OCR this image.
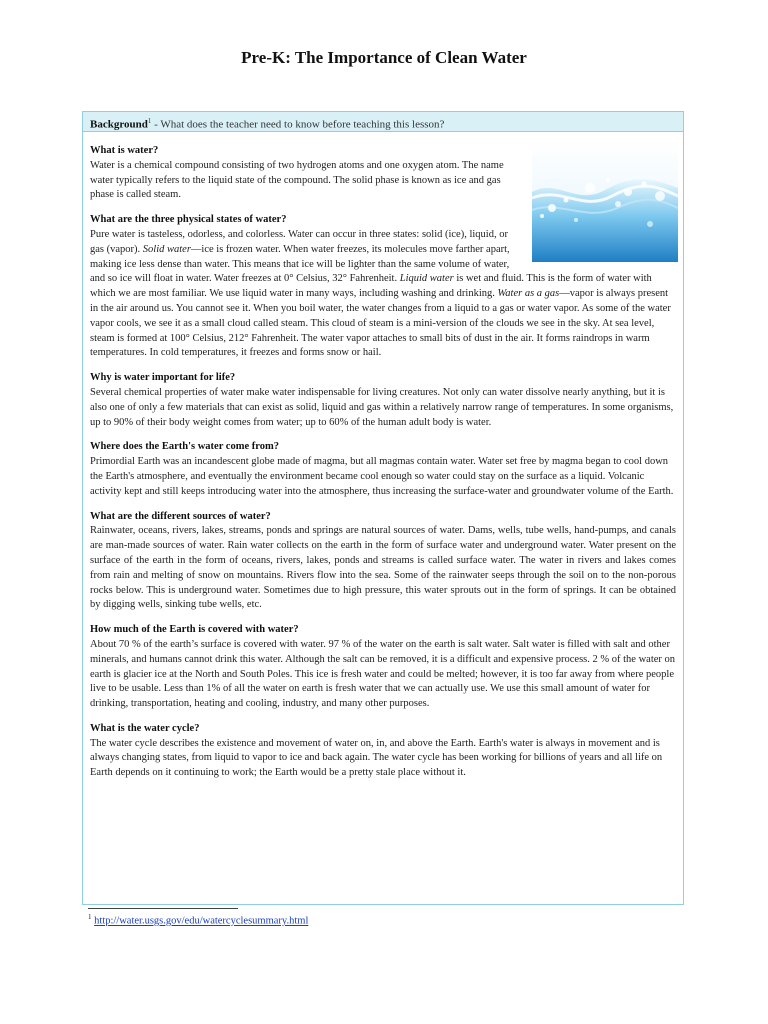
Pre-K: The Importance of Clean Water
Background$^1$ - What does the teacher need to know before teaching this lesson?
What is water?

Water is a chemical compound consisting of two hydrogen atoms and one oxygen atom. The name water typically refers to the liquid state of the compound. The solid phase is known as ice and gas phase is called steam.

What are the three physical states of water?

Pure water is tasteless, odorless, and colorless. Water can occur in three states: solid (ice), liquid, or gas (vapor). Solid water—ice is frozen water. When water freezes, its molecules move farther apart, making ice less dense than water. This means that ice will be lighter than the same volume of water, and so ice will float in water. Water freezes at 0° Celsius, 32° Fahrenheit. Liquid water is wet and fluid. This is the form of water with which we are most familiar. We use liquid water in many ways, including washing and drinking. Water as a gas—vapor is always present in the air around us. You cannot see it. When you boil water, the water changes from a liquid to a gas or water vapor. As some of the water vapor cools, we see it as a small cloud called steam. This cloud of steam is a mini-version of the clouds we see in the sky. At sea level, steam is formed at 100° Celsius, 212° Fahrenheit. The water vapor attaches to small bits of dust in the air. It forms raindrops in warm temperatures. In cold temperatures, it freezes and forms snow or hail.

Why is water important for life?

Several chemical properties of water make water indispensable for living creatures. Not only can water dissolve nearly anything, but it is also one of only a few materials that can exist as solid, liquid and gas within a relatively narrow range of temperatures. In some organisms, up to 90% of their body weight comes from water; up to 60% of the human adult body is water.

Where does the Earth's water come from?

Primordial Earth was an incandescent globe made of magma, but all magmas contain water. Water set free by magma began to cool down the Earth's atmosphere, and eventually the environment became cool enough so water could stay on the surface as a liquid. Volcanic activity kept and still keeps introducing water into the atmosphere, thus increasing the surface-water and groundwater volume of the Earth.

What are the different sources of water?

Rainwater, oceans, rivers, lakes, streams, ponds and springs are natural sources of water. Dams, wells, tube wells, hand-pumps, and canals are man-made sources of water. Rain water collects on the earth in the form of surface water and underground water. Water present on the surface of the earth in the form of oceans, rivers, lakes, ponds and streams is called surface water. The water in rivers and lakes comes from rain and melting of snow on mountains. Rivers flow into the sea. Some of the rainwater seeps through the soil on to the non-porous rocks below. This is underground water. Sometimes due to high pressure, this water sprouts out in the form of springs. It can be obtained by digging wells, sinking tube wells, etc.

How much of the Earth is covered with water?

About 70 % of the earth’s surface is covered with water. 97 % of the water on the earth is salt water. Salt water is filled with salt and other minerals, and humans cannot drink this water. Although the salt can be removed, it is a difficult and expensive process. 2 % of the water on earth is glacier ice at the North and South Poles. This ice is fresh water and could be melted; however, it is too far away from where people live to be usable. Less than 1% of all the water on earth is fresh water that we can actually use. We use this small amount of water for drinking, transportation, heating and cooling, industry, and many other purposes.

What is the water cycle?

The water cycle describes the existence and movement of water on, in, and above the Earth. Earth's water is always in movement and is always changing states, from liquid to vapor to ice and back again. The water cycle has been working for billions of years and all life on Earth depends on it continuing to work; the Earth would be a pretty stale place without it.

$^1$ http://water.usgs.gov/edu/watercyclesummary.html
